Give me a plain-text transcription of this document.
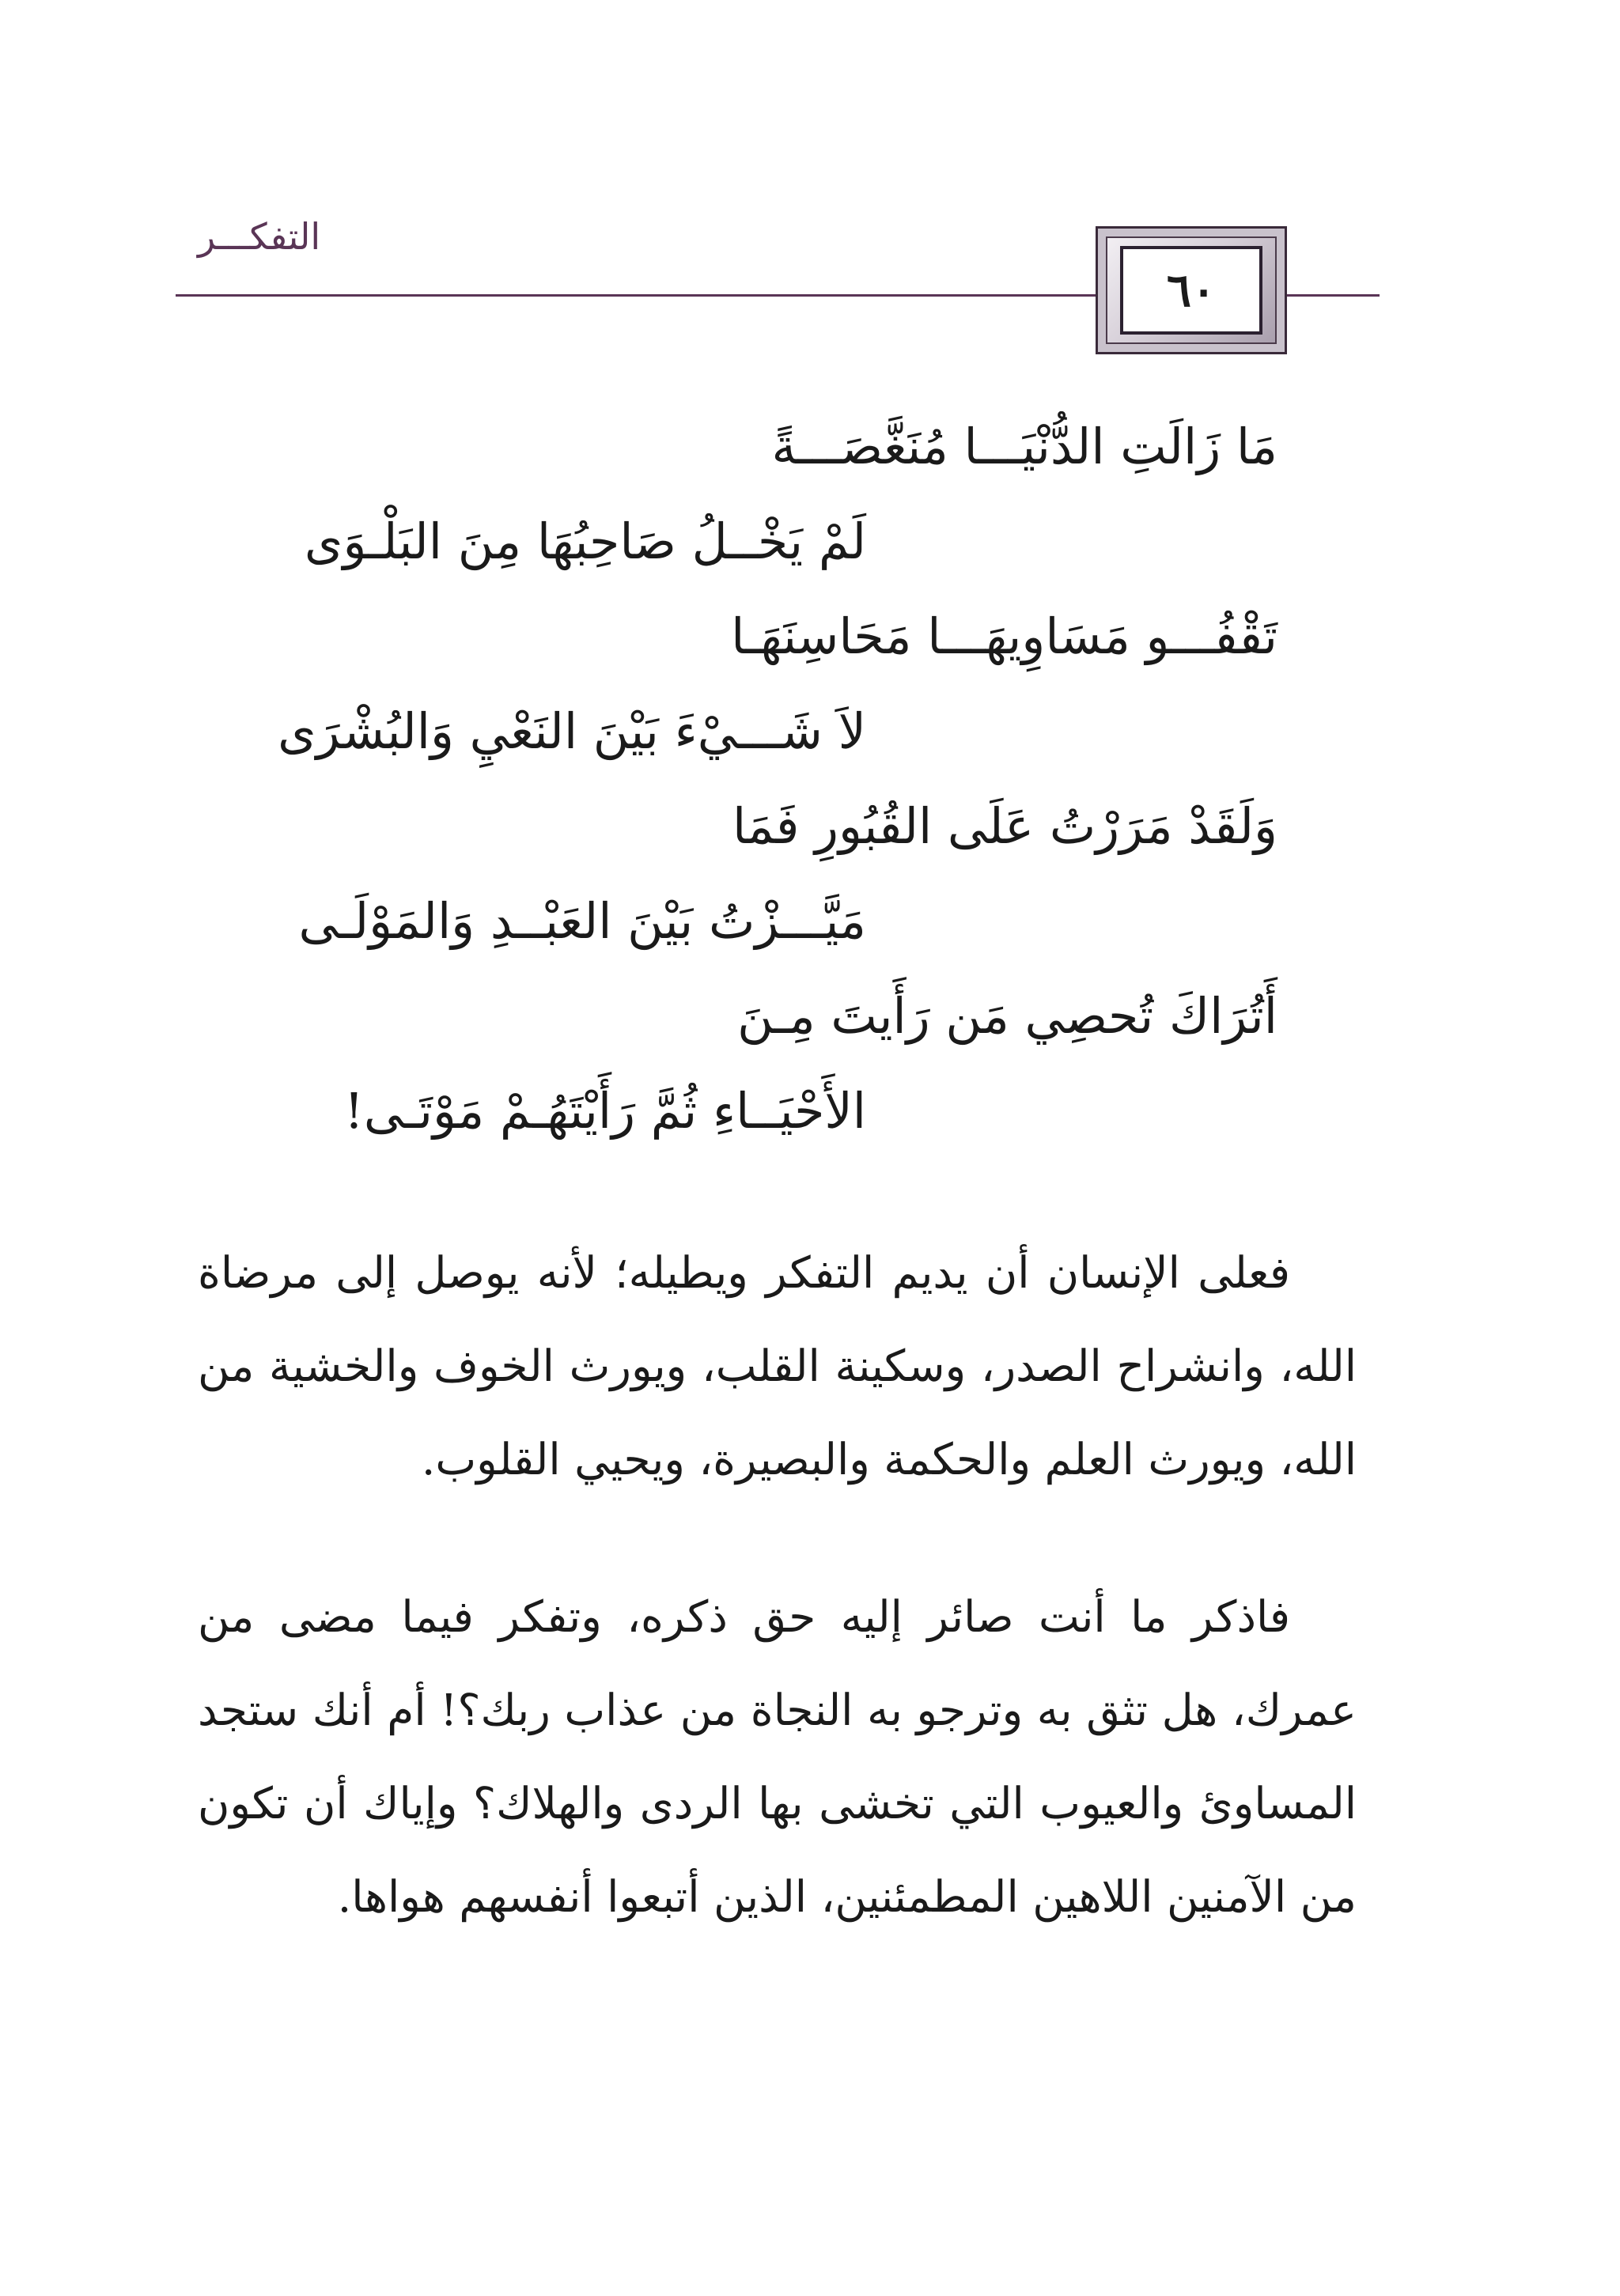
التفكـــر
٦٠
مَا زَالَتِ الدُّنْيَـــا مُنَغَّصَـــةً
لَمْ يَخْــلُ صَاحِبُهَا مِنَ البَلْـوَى
تَقْفُـــو مَسَاوِيهَـــا مَحَاسِنَهَـا
لاَ شَـــيْءَ بَيْنَ النَعْيِ وَالبُشْرَى
وَلَقَدْ مَرَرْتُ عَلَى القُبُورِ فَمَا
مَيَّـــزْتُ بَيْنَ العَبْــدِ وَالمَوْلَـى
أَتُرَاكَ تُحصِي مَن رَأَيتَ مِـنَ
الأَحْيَــاءِ ثُمَّ رَأَيْتَهُـمْ مَوْتَـى!

فعلى الإنسان أن يديم التفكر ويطيله؛ لأنه يوصل إلى مرضاة الله، وانشراح الصدر، وسكينة القلب، ويورث الخوف والخشية من الله، ويورث العلم والحكمة والبصيرة، ويحيي القلوب.

فاذكر ما أنت صائر إليه حق ذكره، وتفكر فيما مضى من عمرك، هل تثق به وترجو به النجاة من عذاب ربك؟! أم أنك ستجد المساوئ والعيوب التي تخشى بها الردى والهلاك؟ وإياك أن تكون من الآمنين اللاهين المطمئنين، الذين أتبعوا أنفسهم هواها.
